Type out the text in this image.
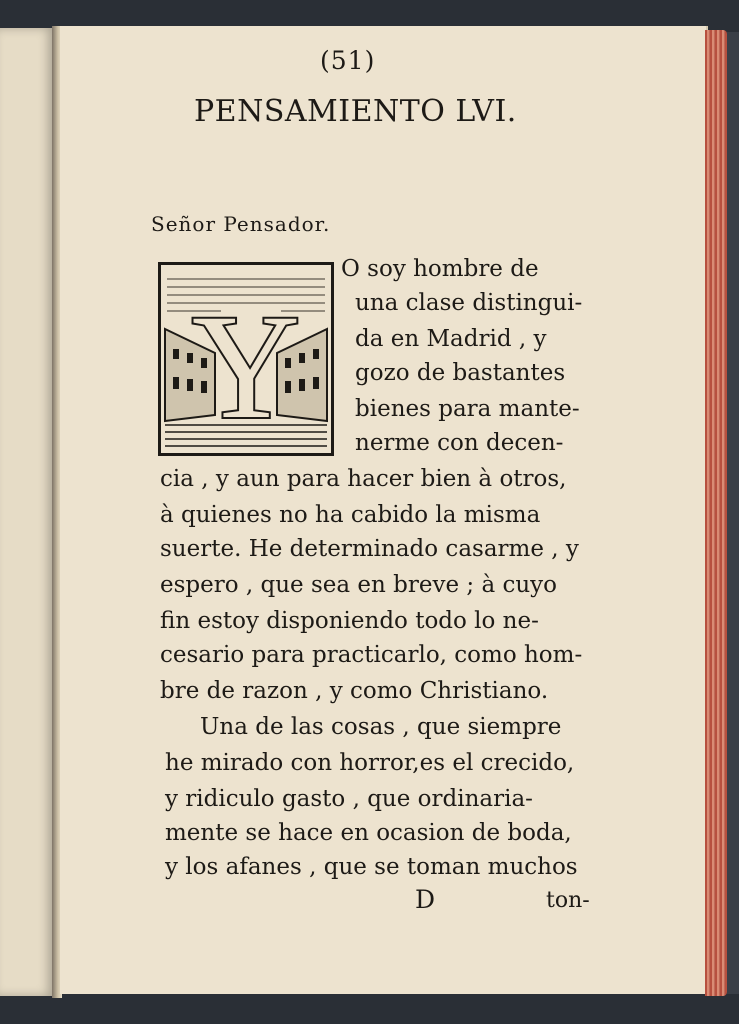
(51)
PENSAMIENTO LVI.
Señor Pensador.
Y
O soy hombre de
una clase distingui-
da en Madrid , y
gozo de bastantes
bienes para mante-
nerme con decen-
cia , y aun para hacer bien à otros,
à quienes no ha cabido la misma
suerte. He determinado casarme , y
espero , que sea en breve ; à cuyo
fin estoy disponiendo todo lo ne-
cesario para practicarlo, como hom-
bre de razon , y como Christiano.
Una de las cosas , que siempre
he mirado con horror,es el crecido,
y ridiculo gasto , que ordinaria-
mente se hace en ocasion de boda,
y los afanes , que se toman muchos
D	ton-
